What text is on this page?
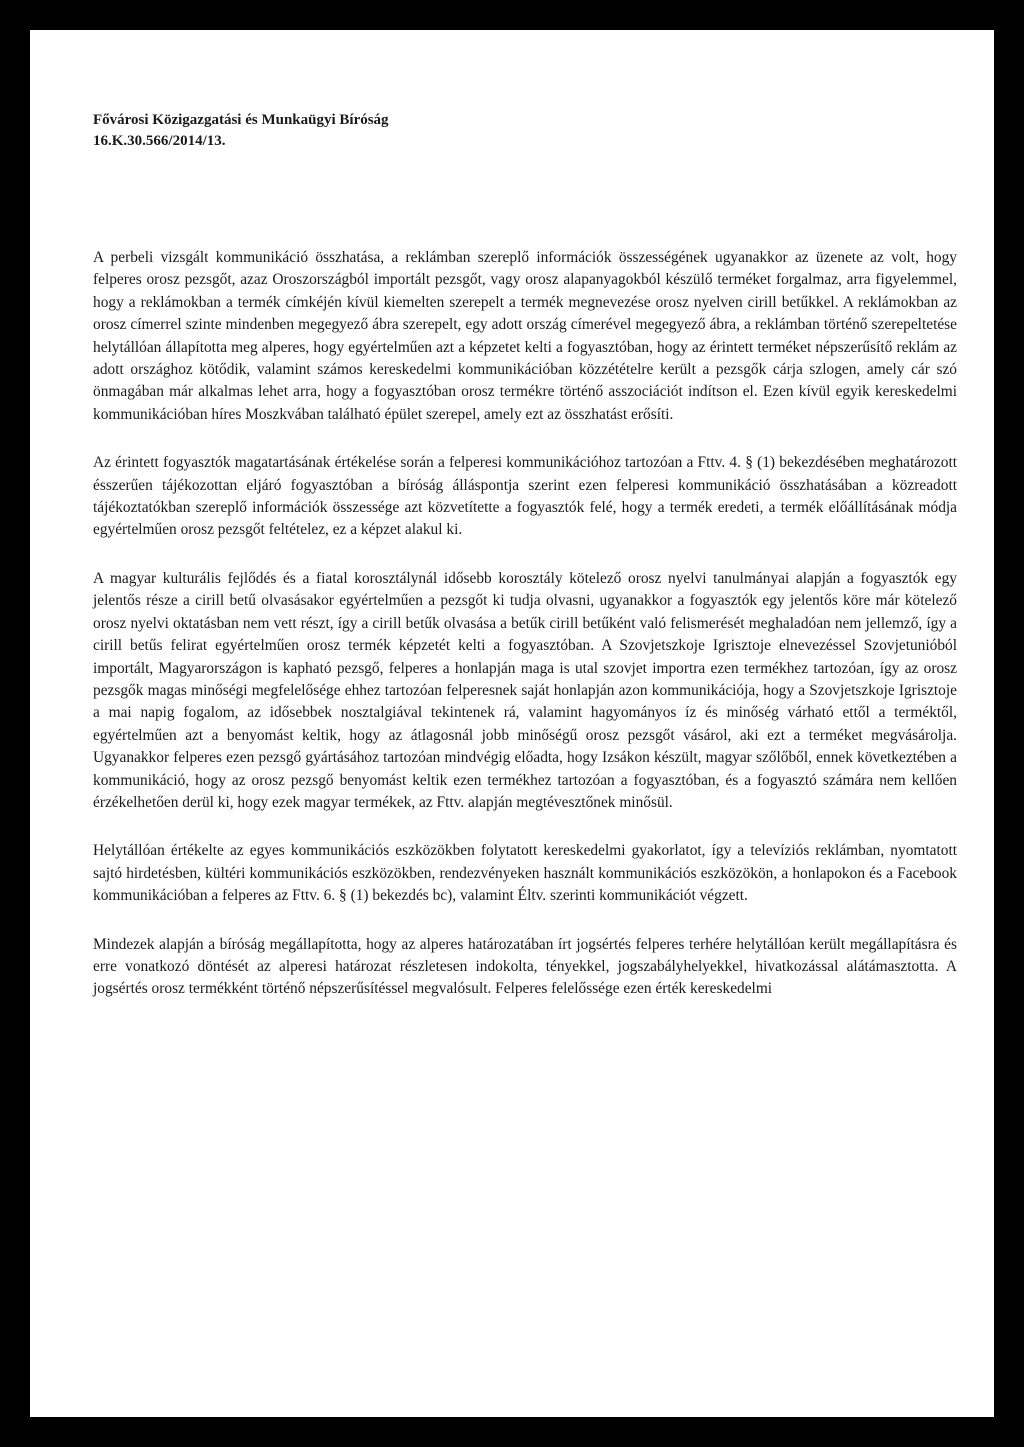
Fővárosi Közigazgatási és Munkaügyi Bíróság
16.K.30.566/2014/13.

A perbeli vizsgált kommunikáció összhatása, a reklámban szereplő információk összességének ugyanakkor az üzenete az volt, hogy felperes orosz pezsgőt, azaz Oroszországból importált pezsgőt, vagy orosz alapanyagokból készülő terméket forgalmaz, arra figyelemmel, hogy a reklámokban a termék címkéjén kívül kiemelten szerepelt a termék megnevezése orosz nyelven cirill betűkkel. A reklámokban az orosz címerrel szinte mindenben megegyező ábra szerepelt, egy adott ország címerével megegyező ábra, a reklámban történő szerepeltetése helytállóan állapította meg alperes, hogy egyértelműen azt a képzetet kelti a fogyasztóban, hogy az érintett terméket népszerűsítő reklám az adott országhoz kötődik, valamint számos kereskedelmi kommunikációban közzétételre került a pezsgők cárja szlogen, amely cár szó önmagában már alkalmas lehet arra, hogy a fogyasztóban orosz termékre történő asszociációt indítson el. Ezen kívül egyik kereskedelmi kommunikációban híres Moszkvában található épület szerepel, amely ezt az összhatást erősíti.

Az érintett fogyasztók magatartásának értékelése során a felperesi kommunikációhoz tartozóan a Fttv. 4. § (1) bekezdésében meghatározott ésszerűen tájékozottan eljáró fogyasztóban a bíróság álláspontja szerint ezen felperesi kommunikáció összhatásában a közreadott tájékoztatókban szereplő információk összessége azt közvetítette a fogyasztók felé, hogy a termék eredeti, a termék előállításának módja egyértelműen orosz pezsgőt feltételez, ez a képzet alakul ki.

A magyar kulturális fejlődés és a fiatal korosztálynál idősebb korosztály kötelező orosz nyelvi tanulmányai alapján a fogyasztók egy jelentős része a cirill betű olvasásakor egyértelműen a pezsgőt ki tudja olvasni, ugyanakkor a fogyasztók egy jelentős köre már kötelező orosz nyelvi oktatásban nem vett részt, így a cirill betűk olvasása a betűk cirill betűként való felismerését meghaladóan nem jellemző, így a cirill betűs felirat egyértelműen orosz termék képzetét kelti a fogyasztóban. A Szovjetszkoje Igrisztoje elnevezéssel Szovjetunióból importált, Magyarországon is kapható pezsgő, felperes a honlapján maga is utal szovjet importra ezen termékhez tartozóan, így az orosz pezsgők magas minőségi megfelelősége ehhez tartozóan felperesnek saját honlapján azon kommunikációja, hogy a Szovjetszkoje Igrisztoje a mai napig fogalom, az idősebbek nosztalgiával tekintenek rá, valamint hagyományos íz és minőség várható ettől a terméktől, egyértelműen azt a benyomást keltik, hogy az átlagosnál jobb minőségű orosz pezsgőt vásárol, aki ezt a terméket megvásárolja. Ugyanakkor felperes ezen pezsgő gyártásához tartozóan mindvégig előadta, hogy Izsákon készült, magyar szőlőből, ennek következtében a kommunikáció, hogy az orosz pezsgő benyomást keltik ezen termékhez tartozóan a fogyasztóban, és a fogyasztó számára nem kellően érzékelhetően derül ki, hogy ezek magyar termékek, az Fttv. alapján megtévesztőnek minősül.

Helytállóan értékelte az egyes kommunikációs eszközökben folytatott kereskedelmi gyakorlatot, így a televíziós reklámban, nyomtatott sajtó hirdetésben, kültéri kommunikációs eszközökben, rendezvényeken használt kommunikációs eszközökön, a honlapokon és a Facebook kommunikációban a felperes az Fttv. 6. § (1) bekezdés bc), valamint Éltv. szerinti kommunikációt végzett.

Mindezek alapján a bíróság megállapította, hogy az alperes határozatában írt jogsértés felperes terhére helytállóan került megállapításra és erre vonatkozó döntését az alperesi határozat részletesen indokolta, tényekkel, jogszabályhelyekkel, hivatkozással alátámasztotta. A jogsértés orosz termékként történő népszerűsítéssel megvalósult. Felperes felelőssége ezen érték kereskedelmi
